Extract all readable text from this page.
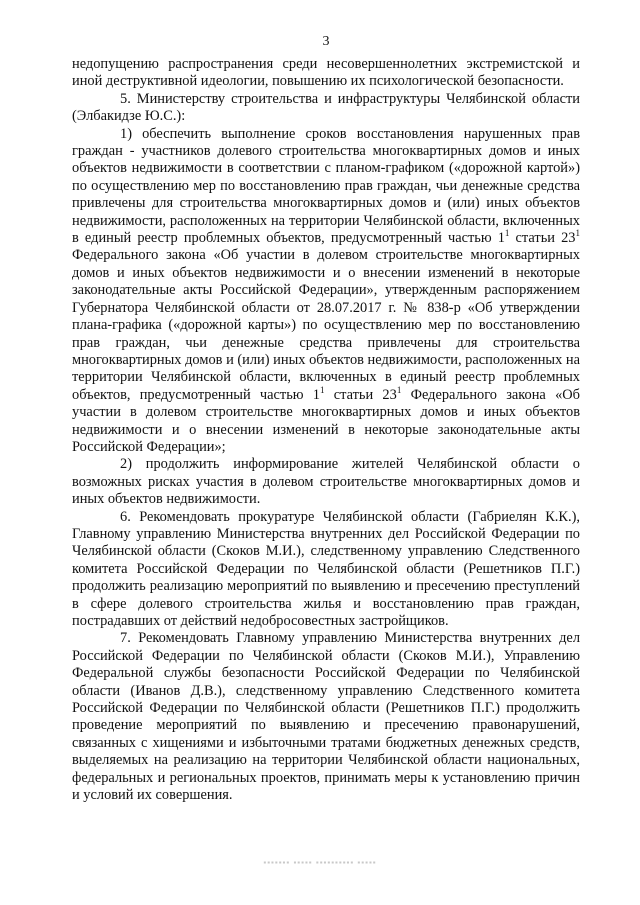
3

недопущению распространения среди несовершеннолетних экстремистской и иной деструктивной идеологии, повышению их психологической безопасности.

5. Министерству строительства и инфраструктуры Челябинской области (Элбакидзе Ю.С.):

1) обеспечить выполнение сроков восстановления нарушенных прав граждан - участников долевого строительства многоквартирных домов и иных объектов недвижимости в соответствии с планом-графиком («дорожной картой») по осуществлению мер по восстановлению прав граждан, чьи денежные средства привлечены для строительства многоквартирных домов и (или) иных объектов недвижимости, расположенных на территории Челябинской области, включенных в единый реестр проблемных объектов, предусмотренный частью $1^1$ статьи $23^1$ Федерального закона «Об участии в долевом строительстве многоквартирных домов и иных объектов недвижимости и о внесении изменений в некоторые законодательные акты Российской Федерации», утвержденным распоряжением Губернатора Челябинской области от 28.07.2017 г. № 838-р «Об утверждении плана-графика («дорожной карты») по осуществлению мер по восстановлению прав граждан, чьи денежные средства привлечены для строительства многоквартирных домов и (или) иных объектов недвижимости, расположенных на территории Челябинской области, включенных в единый реестр проблемных объектов, предусмотренный частью $1^1$ статьи $23^1$ Федерального закона «Об участии в долевом строительстве многоквартирных домов и иных объектов недвижимости и о внесении изменений в некоторые законодательные акты Российской Федерации»;

2) продолжить информирование жителей Челябинской области о возможных рисках участия в долевом строительстве многоквартирных домов и иных объектов недвижимости.

6. Рекомендовать прокуратуре Челябинской области (Габриелян К.К.), Главному управлению Министерства внутренних дел Российской Федерации по Челябинской области (Скоков М.И.), следственному управлению Следственного комитета Российской Федерации по Челябинской области (Решетников П.Г.) продолжить реализацию мероприятий по выявлению и пресечению преступлений в сфере долевого строительства жилья и восстановлению прав граждан, пострадавших от действий недобросовестных застройщиков.

7. Рекомендовать Главному управлению Министерства внутренних дел Российской Федерации по Челябинской области (Скоков М.И.), Управлению Федеральной службы безопасности Российской Федерации по Челябинской области (Иванов Д.В.), следственному управлению Следственного комитета Российской Федерации по Челябинской области (Решетников П.Г.) продолжить проведение мероприятий по выявлению и пресечению правонарушений, связанных с хищениями и избыточными тратами бюджетных денежных средств, выделяемых на реализацию на территории Челябинской области национальных, федеральных и региональных проектов, принимать меры к установлению причин и условий их совершения.

▪▪▪▪▪▪▪ ▪▪▪▪▪ ▪▪▪▪▪▪▪▪▪▪ ▪▪▪▪▪
